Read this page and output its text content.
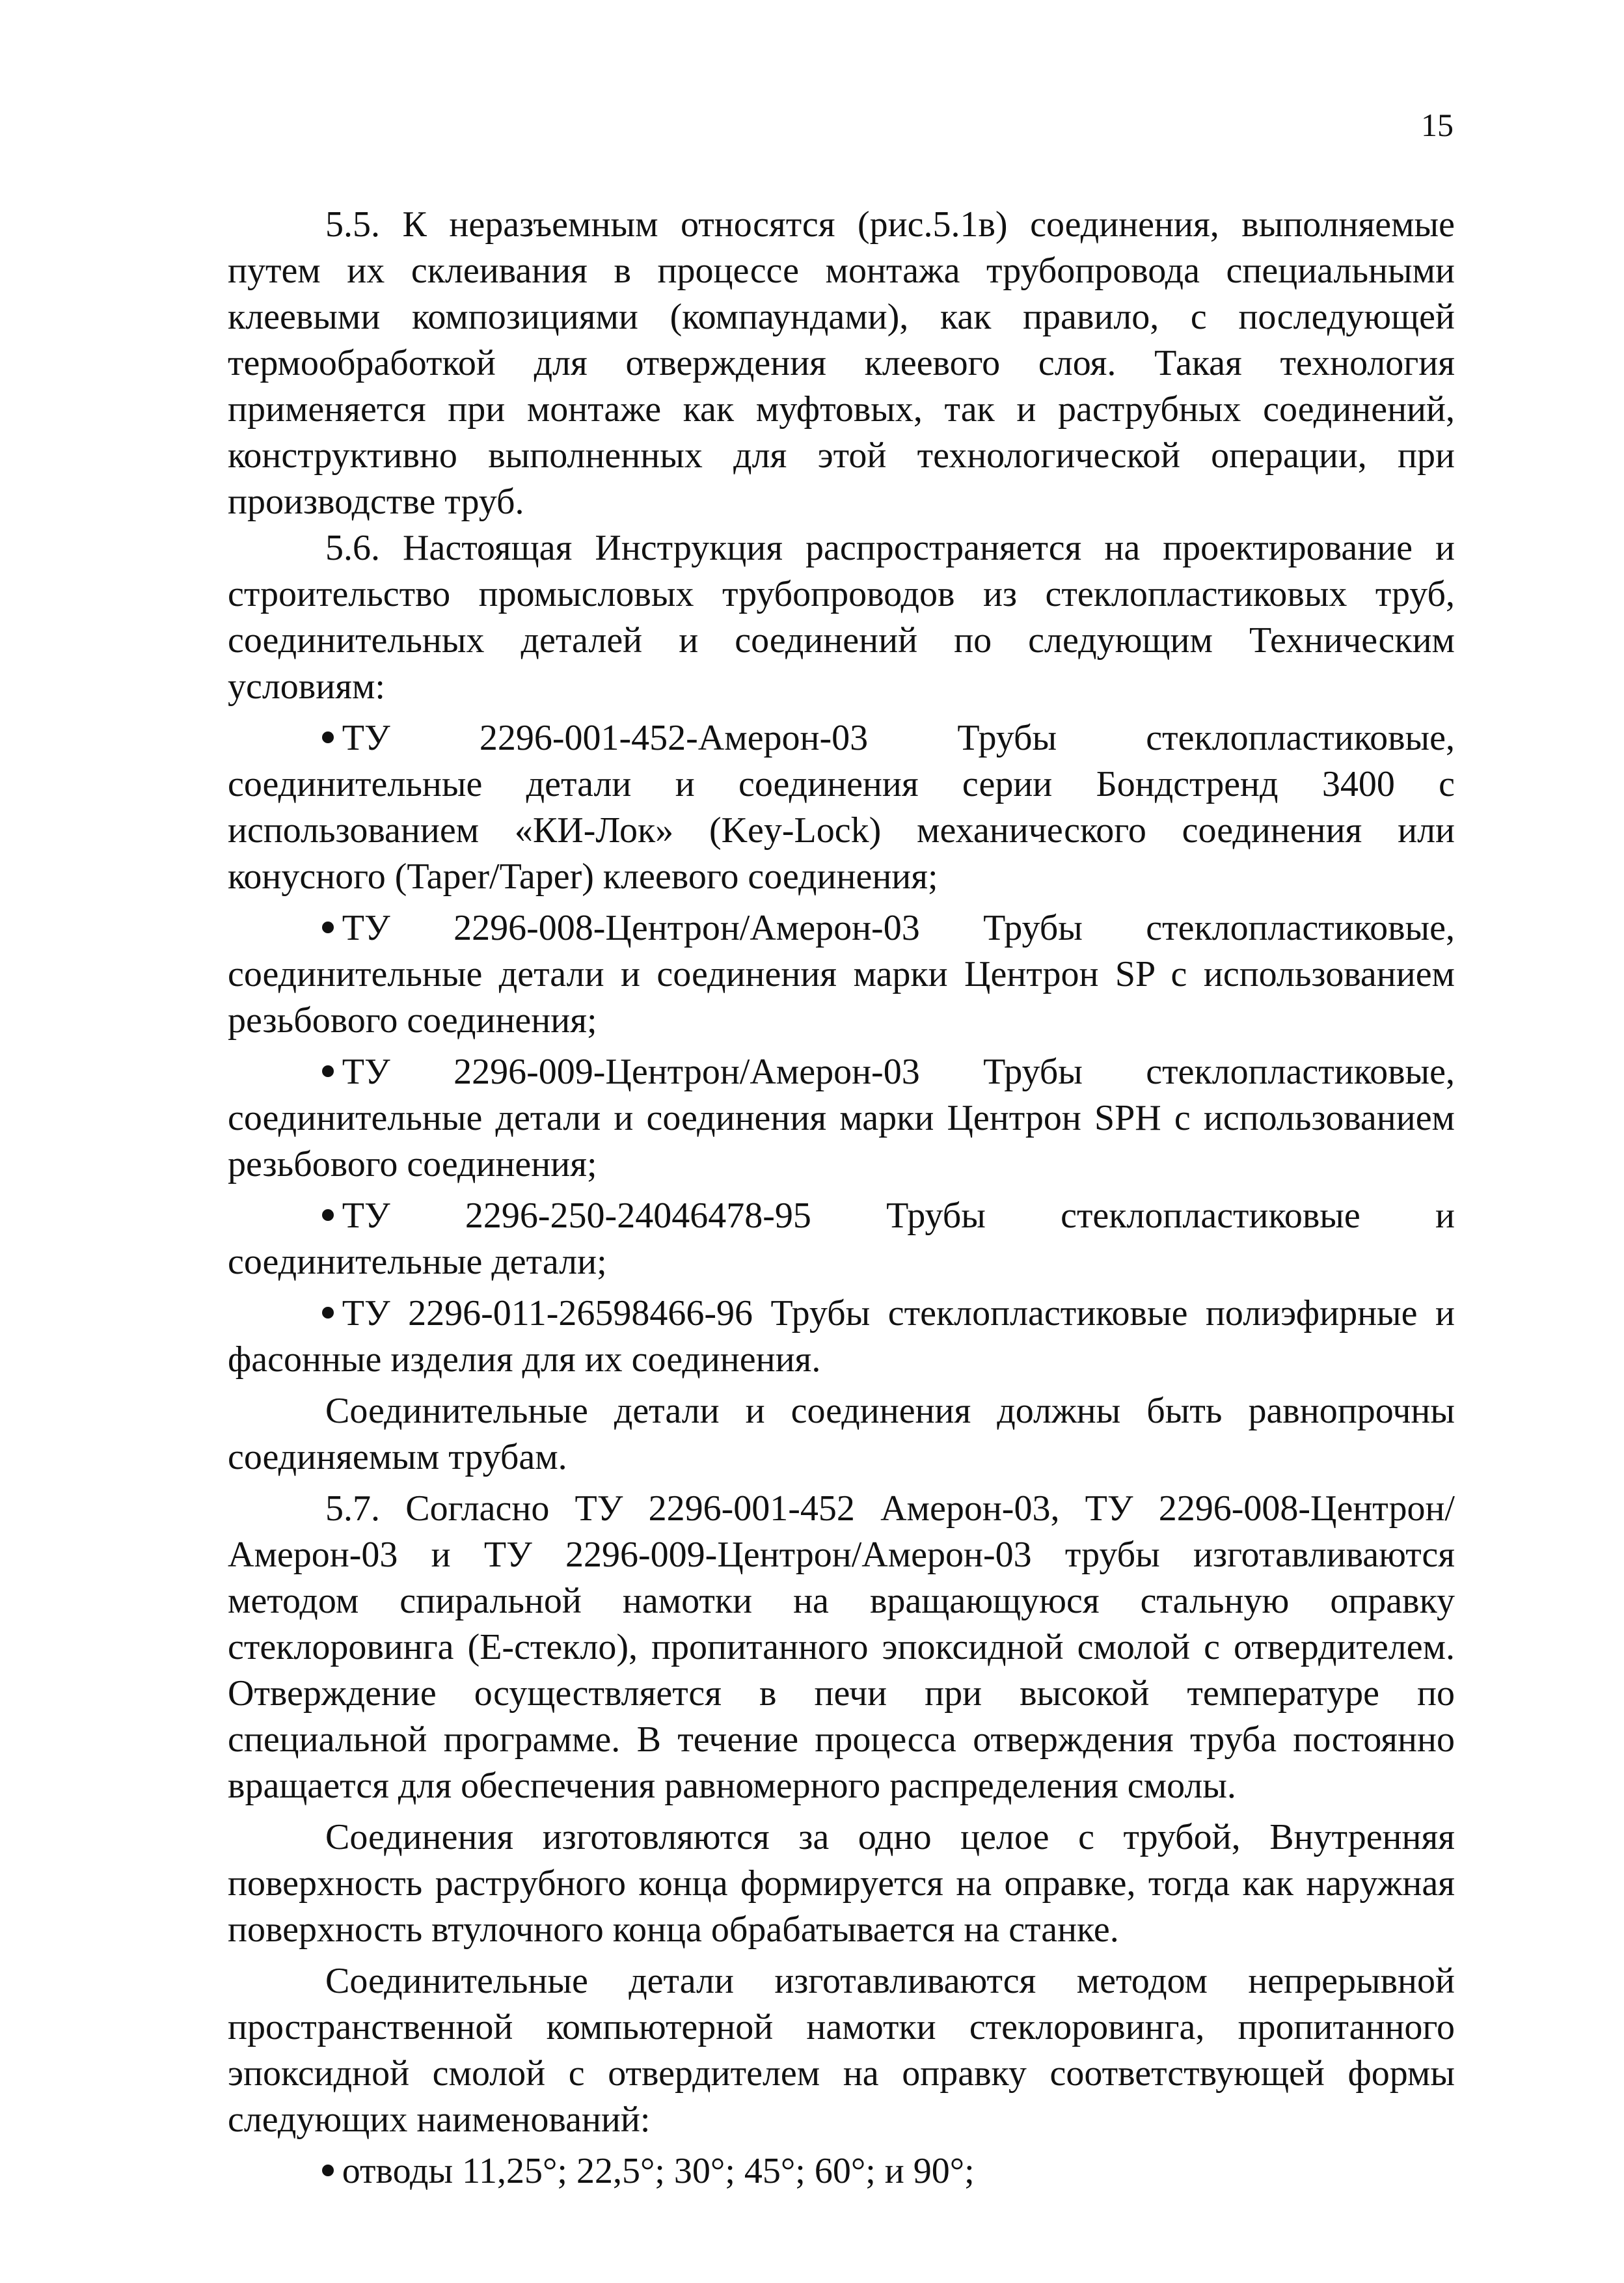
15

5.5. К неразъемным относятся (рис.5.1в) соединения, выполняемые путем их склеивания в процессе монтажа трубопровода специальными клеевыми композициями (компаундами), как правило, с последующей термообработкой для отверждения клеевого слоя. Такая технология применяется при монтаже как муфтовых, так и раструбных соединений, конструктивно выполненных для этой технологической операции, при производстве труб.

5.6. Настоящая Инструкция распространяется на проектирование и строительство промысловых трубопроводов из стеклопластиковых труб, соединительных деталей и соединений по следующим Техническим условиям:

ТУ 2296-001-452-Амерон-03 Трубы стеклопластиковые, соединительные детали и соединения серии Бондстренд 3400 с использованием «КИ-Лок» (Key-Lock) механического соединения или конусного (Taper/Taper) клеевого соединения;

ТУ 2296-008-Центрон/Амерон-03 Трубы стеклопластиковые, соединительные детали и соединения марки Центрон SP с использованием резьбового соединения;

ТУ 2296-009-Центрон/Амерон-03 Трубы стеклопластиковые, соединительные детали и соединения марки Центрон SPH с использованием резьбового соединения;

ТУ 2296-250-24046478-95 Трубы стеклопластиковые и соединительные детали;

ТУ 2296-011-26598466-96 Трубы стеклопластиковые полиэфирные и фасонные изделия для их соединения.

Соединительные детали и соединения должны быть равнопрочны соединяемым трубам.

5.7. Согласно ТУ 2296-001-452 Амерон-03, ТУ 2296-008-Центрон/Амерон-03 и ТУ 2296-009-Центрон/Амерон-03 трубы изготавливаются методом спиральной намотки на вращающуюся стальную оправку стеклоровинга (Е-стекло), пропитанного эпоксидной смолой с отвердителем. Отверждение осуществляется в печи при высокой температуре по специальной программе. В течение процесса отверждения труба постоянно вращается для обеспечения равномерного распределения смолы.

Соединения изготовляются за одно целое с трубой, Внутренняя поверхность раструбного конца формируется на оправке, тогда как наружная поверхность втулочного конца обрабатывается на станке.

Соединительные детали изготавливаются методом непрерывной пространственной компьютерной намотки стеклоровинга, пропитанного эпоксидной смолой с отвердителем на оправку соответствующей формы следующих наименований:

отводы 11,25°; 22,5°; 30°; 45°; 60°; и 90°;
